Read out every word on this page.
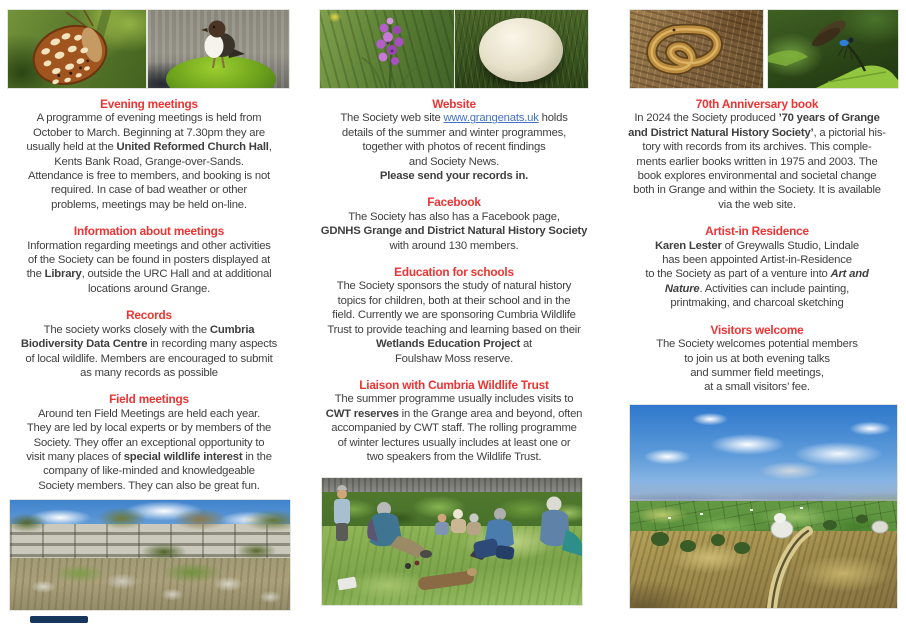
Evening meetings
A programme of evening meetings is held from
October to March. Beginning at 7.30pm they are
usually held at the United Reformed Church Hall,
Kents Bank Road, Grange-over-Sands.
Attendance is free to members, and booking is not
required. In case of bad weather or other
problems, meetings may be held on-line.
Information about meetings
Information regarding meetings and other activities
of the Society can be found in posters displayed at
the Library, outside the URC Hall and at additional
locations around Grange.
Records
The society works closely with the Cumbria
Biodiversity Data Centre in recording many aspects
of local wildlife. Members are encouraged to submit
as many records as possible
Field meetings
Around ten Field Meetings are held each year.
They are led by local experts or by members of the
Society. They offer an exceptional opportunity to
visit many places of special wildlife interest in the
company of like-minded and knowledgeable
Society members. They can also be great fun.
Website
The Society web site www.grangenats.uk holds
details of the summer and winter programmes,
together with photos of recent findings
and Society News.
Please send your records in.
Facebook
The Society has also has a Facebook page,
GDNHS Grange and District Natural History Society
with around 130 members.
Education for schools
The Society sponsors the study of natural history
topics for children, both at their school and in the
field. Currently we are sponsoring Cumbria Wildlife
Trust to provide teaching and learning based on their
Wetlands Education Project at
Foulshaw Moss reserve.
Liaison with Cumbria Wildlife Trust
The summer programme usually includes visits to
CWT reserves in the Grange area and beyond, often
accompanied by CWT staff. The rolling programme
of winter lectures usually includes at least one or
two speakers from the Wildlife Trust.
70th Anniversary book
In 2024 the Society produced ’70 years of Grange
and District Natural History Society’, a pictorial his-
tory with records from its archives. This comple-
ments earlier books written in 1975 and 2003. The
book explores environmental and societal change
both in Grange and within the Society. It is available
via the web site.
Artist-in Residence
Karen Lester of Greywalls Studio, Lindale
has been appointed Artist-in-Residence
to the Society as part of a venture into Art and
Nature. Activities can include painting,
printmaking, and charcoal sketching
Visitors welcome
The Society welcomes potential members
to join us at both evening talks
and summer field meetings,
at a small visitors’ fee.
